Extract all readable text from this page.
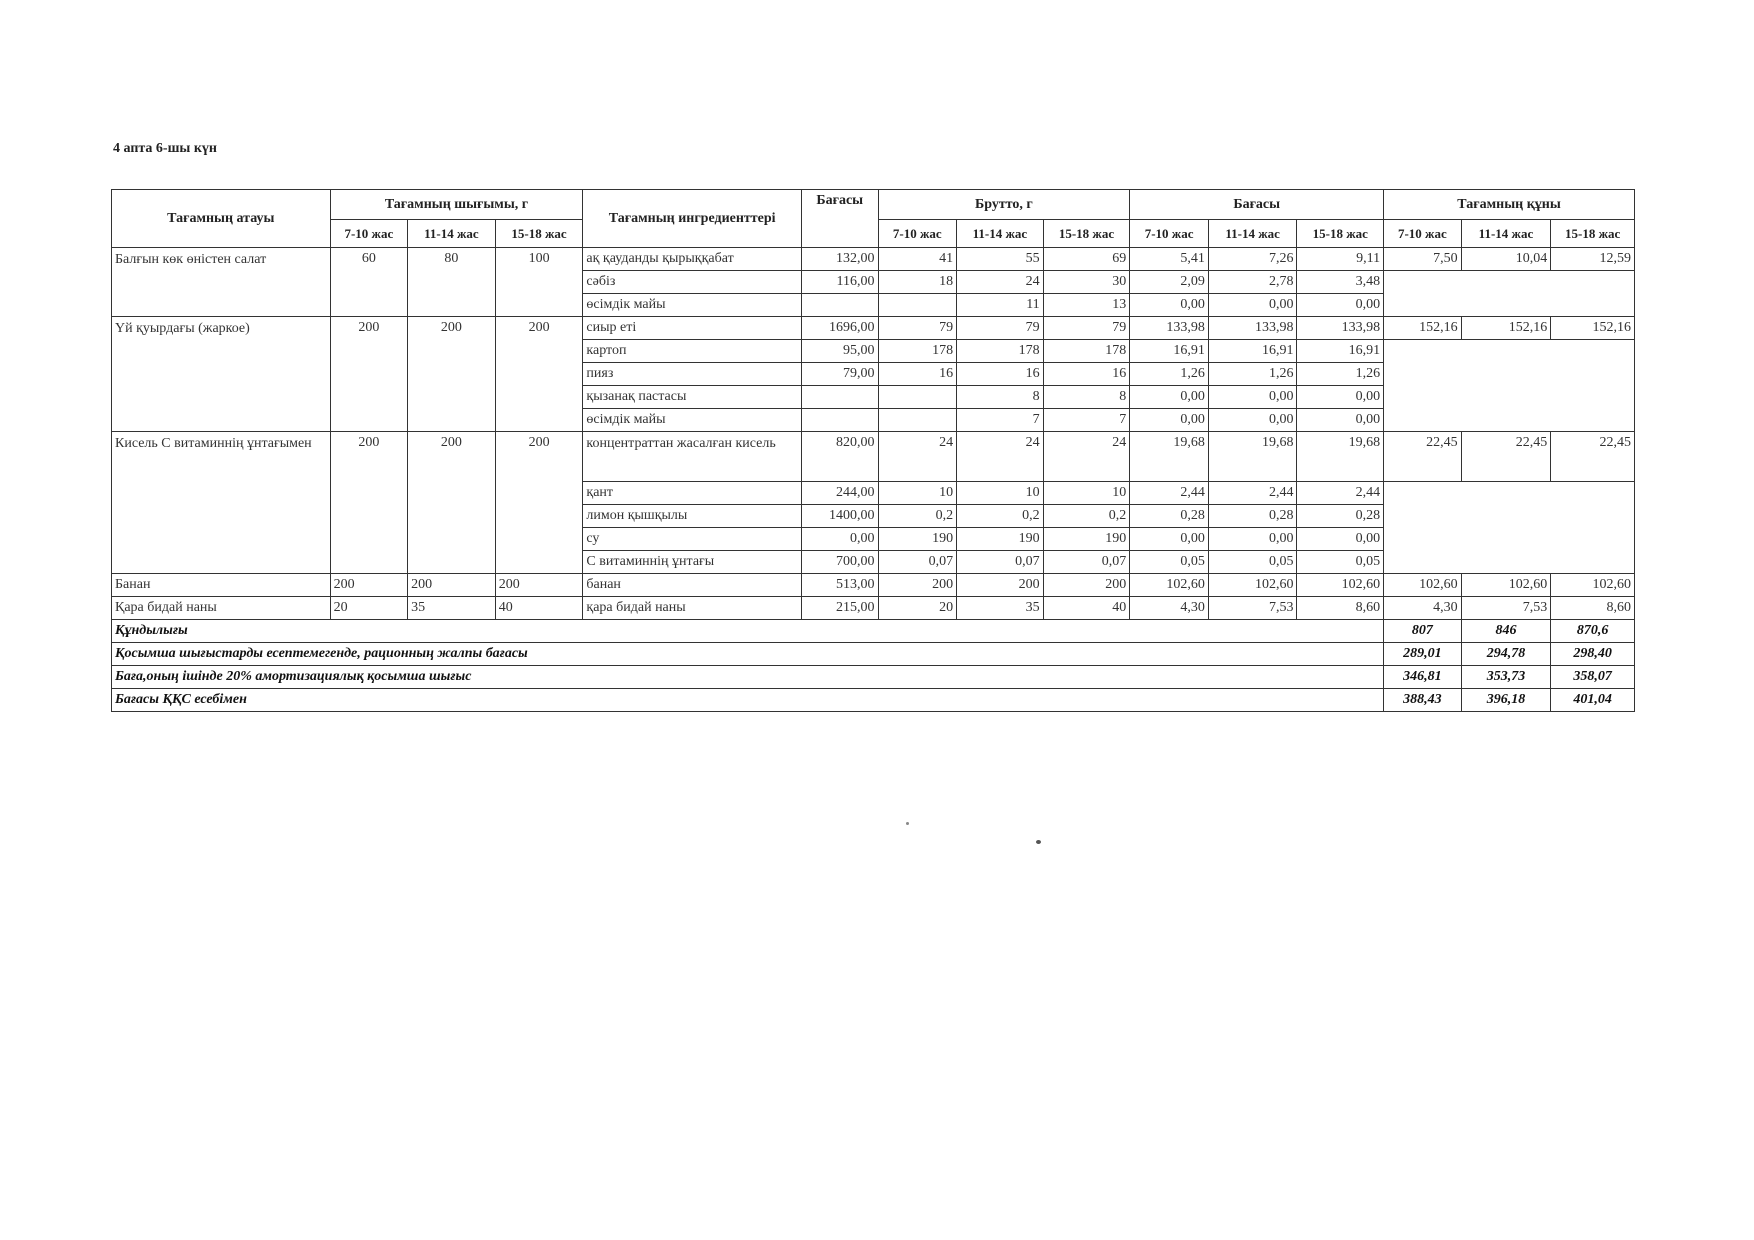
4 апта 6-шы күн
Тағамның атауы	Тағамның шығымы, г			Тағамның ингредиенттері	Бағасы	Брутто, г			Бағасы			Тағамның құны		
	7-10 жас	11-14 жас	15-18 жас			7-10 жас	11-14 жас	15-18 жас	7-10 жас	11-14 жас	15-18 жас	7-10 жас	11-14 жас	15-18 жас
Балғын көк өністен салат	60	80	100	ақ қауданды қырыққабат	132,00	41	55	69	5,41	7,26	9,11	7,50	10,04	12,59
				сәбіз	116,00	18	24	30	2,09	2,78	3,48			
				өсімдік майы			11	13	0,00	0,00	0,00			
Үй қуырдағы (жаркое)	200	200	200	сиыр еті	1696,00	79	79	79	133,98	133,98	133,98	152,16	152,16	152,16
				картоп	95,00	178	178	178	16,91	16,91	16,91			
				пияз	79,00	16	16	16	1,26	1,26	1,26			
				қызанақ пастасы			8	8	0,00	0,00	0,00			
				өсімдік майы			7	7	0,00	0,00	0,00			
Кисель С витаминнің ұнтағымен	200	200	200	концентраттан жасалған кисель	820,00	24	24	24	19,68	19,68	19,68	22,45	22,45	22,45
				қант	244,00	10	10	10	2,44	2,44	2,44			
				лимон қышқылы	1400,00	0,2	0,2	0,2	0,28	0,28	0,28			
				су	0,00	190	190	190	0,00	0,00	0,00			
				С витаминнің ұнтағы	700,00	0,07	0,07	0,07	0,05	0,05	0,05			
Банан	200	200	200	банан	513,00	200	200	200	102,60	102,60	102,60	102,60	102,60	102,60
Қара бидай наны	20	35	40	қара бидай наны	215,00	20	35	40	4,30	7,53	8,60	4,30	7,53	8,60
Құндылығы												807	846	870,6
Қосымша шығыстарды есептемегенде, рационның жалпы бағасы												289,01	294,78	298,40
Баға,оның ішінде 20% амортизациялық қосымша шығыс												346,81	353,73	358,07
Бағасы ҚҚС есебімен												388,43	396,18	401,04
